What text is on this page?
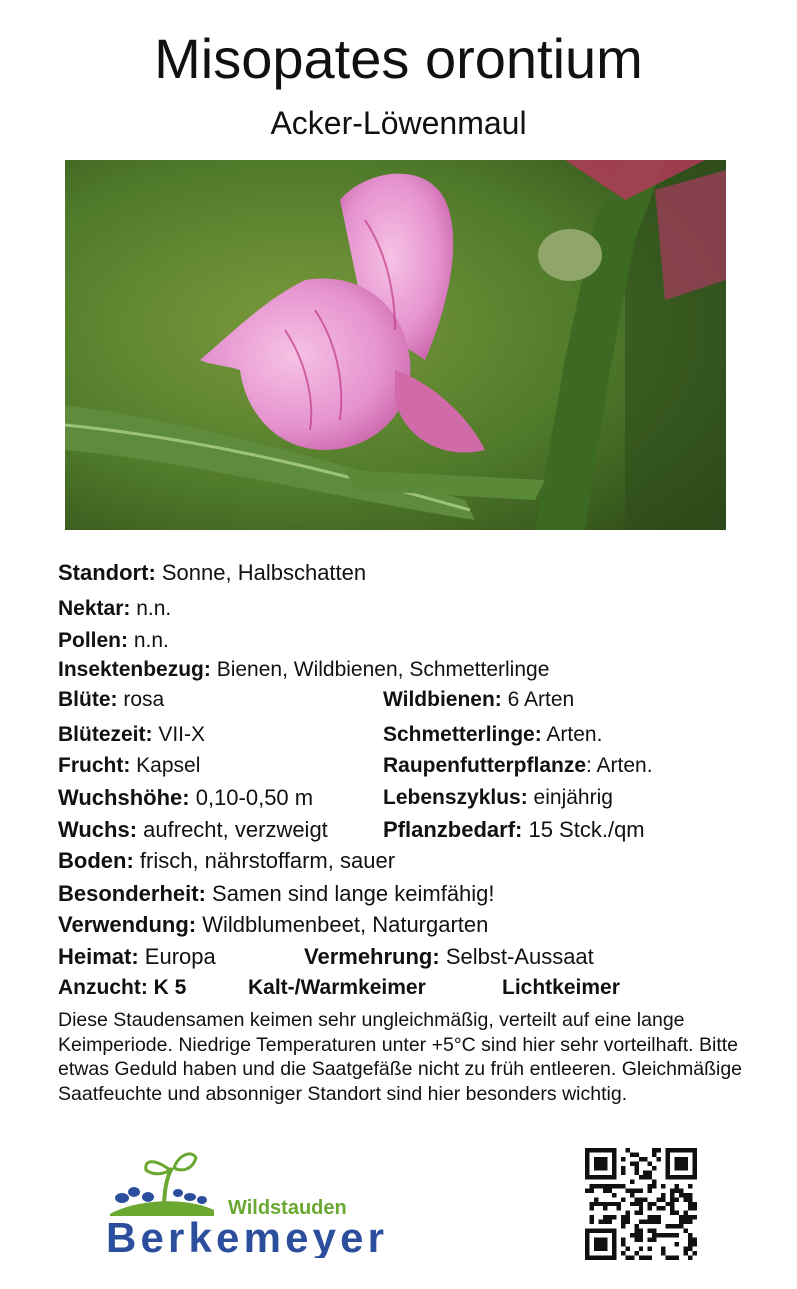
Misopates orontium
Acker-Löwenmaul
Standort: Sonne, Halbschatten
Nektar: n.n.
Pollen: n.n.
Insektenbezug: Bienen, Wildbienen, Schmetterlinge
Blüte: rosa	Wildbienen: 6 Arten
Blütezeit: VII-X	Schmetterlinge: Arten.
Frucht: Kapsel	Raupenfutterpflanze: Arten.
Wuchshöhe: 0,10-0,50 m	Lebenszyklus: einjährig
Wuchs: aufrecht, verzweigt	Pflanzbedarf: 15 Stck./qm
Boden: frisch, nährstoffarm, sauer
Besonderheit: Samen sind lange keimfähig!
Verwendung: Wildblumenbeet, Naturgarten
Heimat: Europa	Vermehrung: Selbst-Aussaat
Anzucht: K 5	Kalt-/Warmkeimer	Lichtkeimer
Diese Staudensamen keimen sehr ungleichmäßig, verteilt auf eine lange Keimperiode. Niedrige Temperaturen unter +5°C sind hier sehr vorteilhaft. Bitte etwas Geduld haben und die Saatgefäße nicht zu früh entleeren. Gleichmäßige Saatfeuchte und absonniger Standort sind hier besonders wichtig.
Wildstauden
Berkemeyer
